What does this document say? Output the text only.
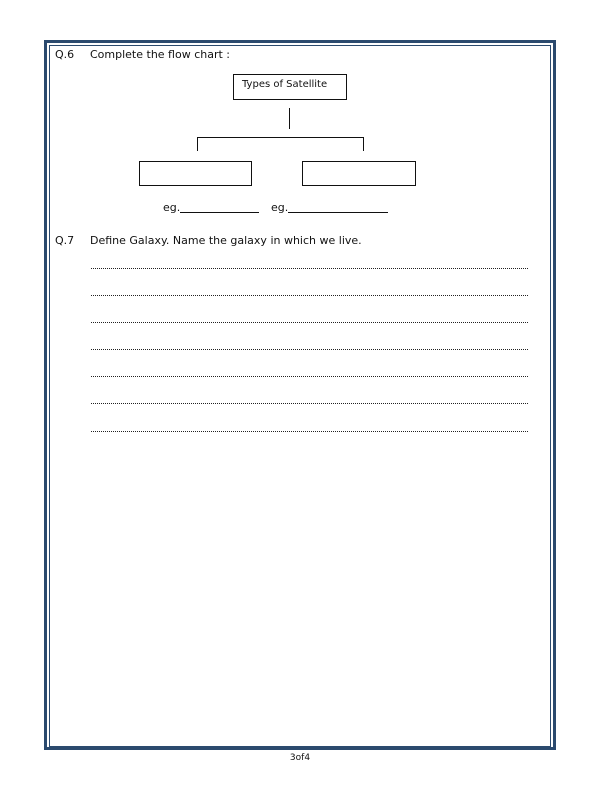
Q.6 Complete the flow chart :
Types of Satellite
eg.	eg.
Q.7 Define Galaxy. Name the galaxy in which we live.
3of4
